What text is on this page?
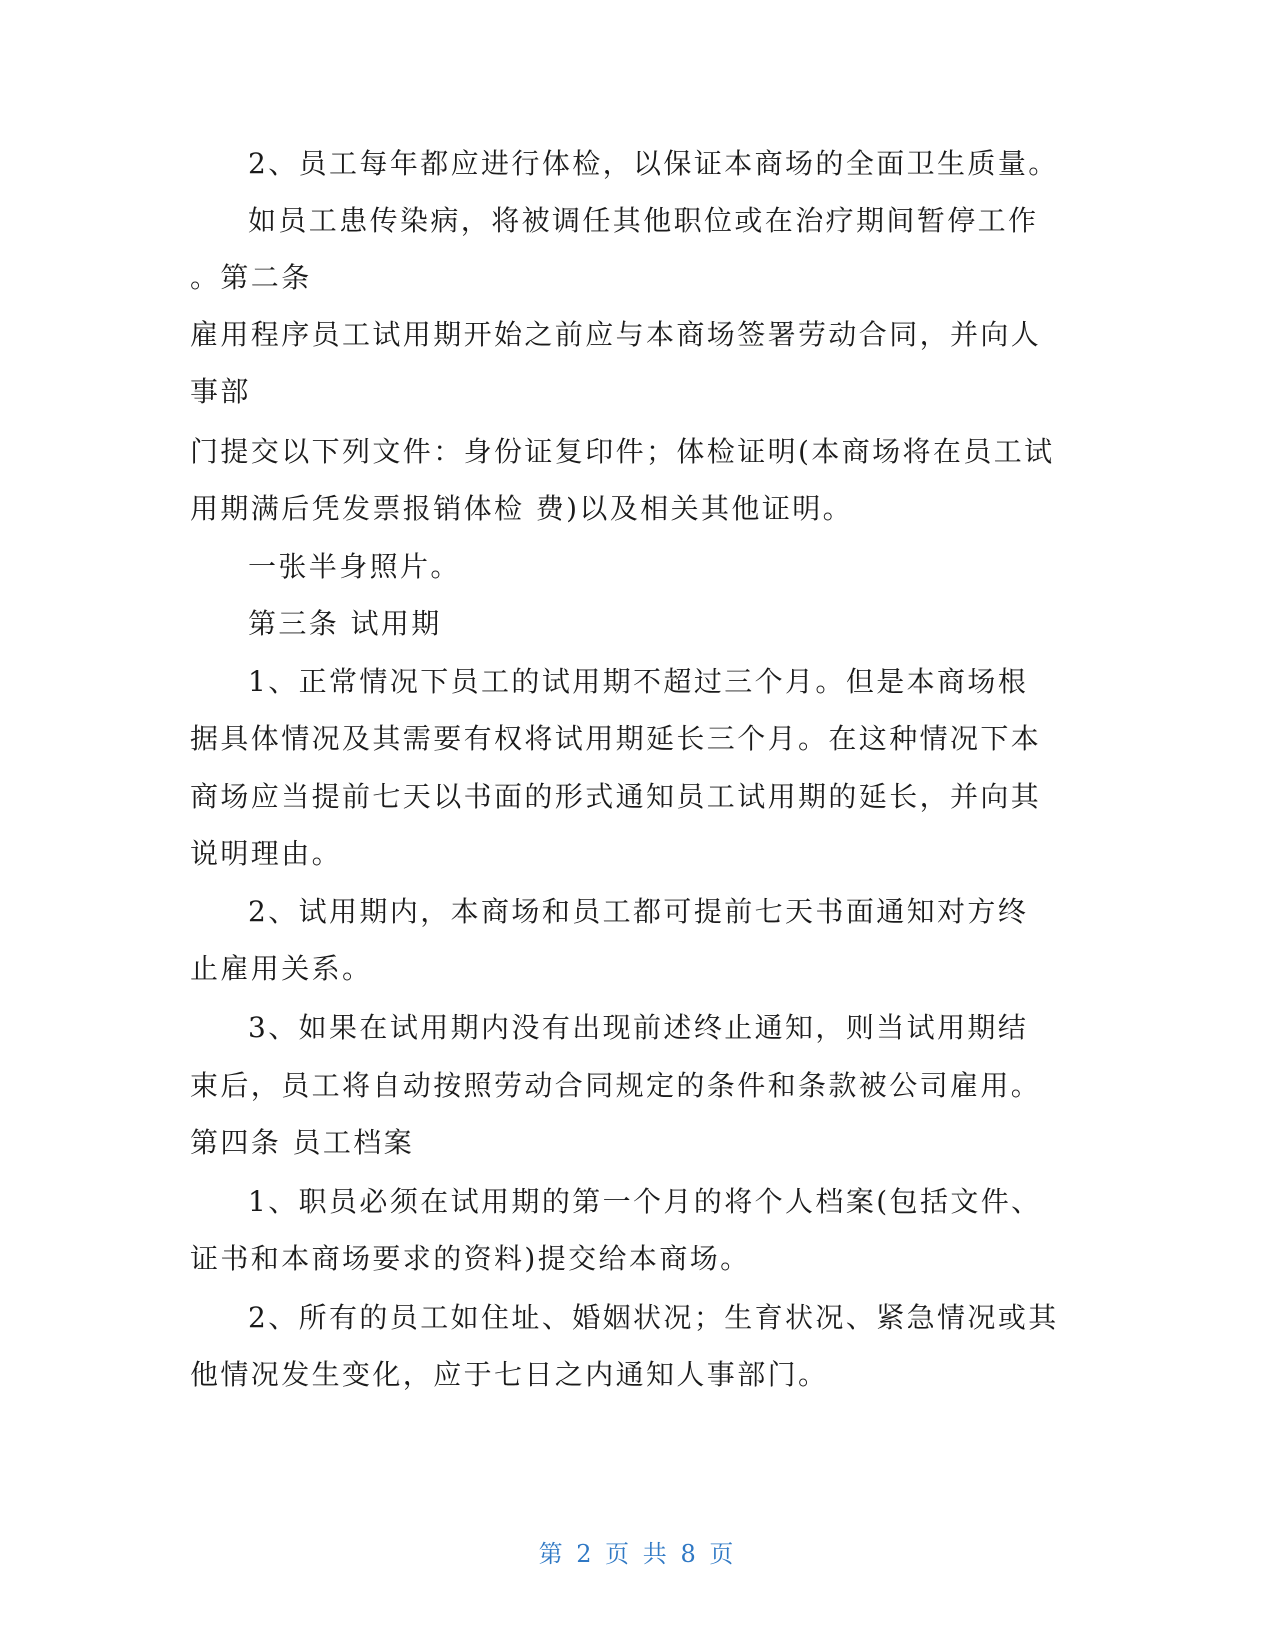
2、员工每年都应进行体检，以保证本商场的全面卫生质量。
如员工患传染病，将被调任其他职位或在治疗期间暂停工作
。第二条
雇用程序员工试用期开始之前应与本商场签署劳动合同，并向人
事部
门提交以下列文件：身份证复印件；体检证明(本商场将在员工试
用期满后凭发票报销体检 费)以及相关其他证明。
一张半身照片。
第三条 试用期
1、正常情况下员工的试用期不超过三个月。但是本商场根
据具体情况及其需要有权将试用期延长三个月。在这种情况下本
商场应当提前七天以书面的形式通知员工试用期的延长，并向其
说明理由。
2、试用期内，本商场和员工都可提前七天书面通知对方终
止雇用关系。
3、如果在试用期内没有出现前述终止通知，则当试用期结
束后，员工将自动按照劳动合同规定的条件和条款被公司雇用。
第四条 员工档案
1、职员必须在试用期的第一个月的将个人档案(包括文件、
证书和本商场要求的资料)提交给本商场。
2、所有的员工如住址、婚姻状况；生育状况、紧急情况或其
他情况发生变化，应于七日之内通知人事部门。
第 2 页 共 8 页
